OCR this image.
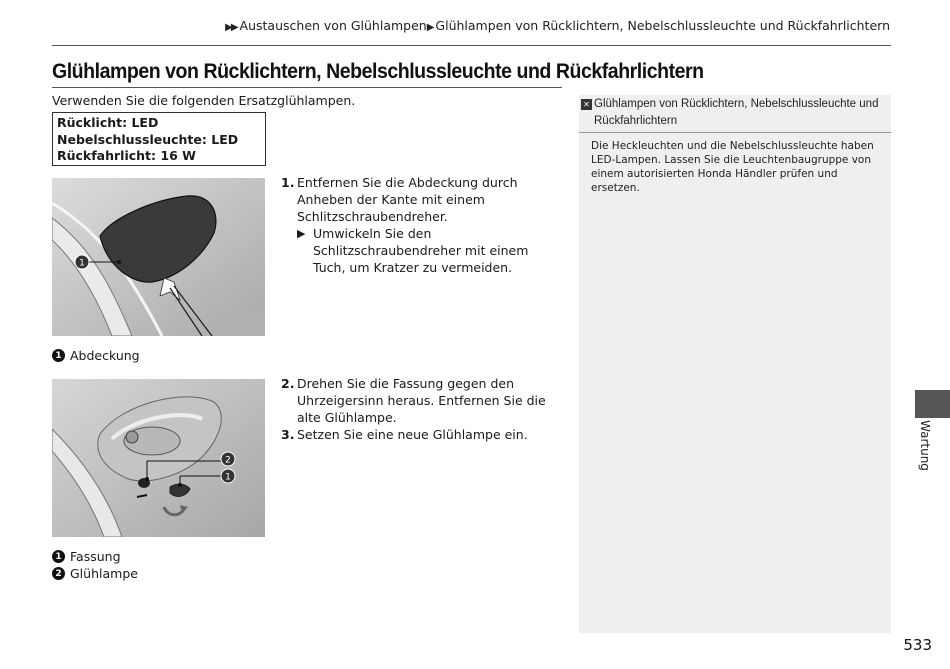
▶▶ Austauschen von Glühlampen▶ Glühlampen von Rücklichtern, Nebelschlussleuchte und Rückfahrlichtern
Glühlampen von Rücklichtern, Nebelschlussleuchte und Rückfahrlichtern
Verwenden Sie die folgenden Ersatzglühlampen.
Rücklicht: LED
Nebelschlussleuchte: LED
Rückfahrlicht: 16 W
1
1 Abdeckung
1. Entfernen Sie die Abdeckung durch Anheben der Kante mit einem Schlitzschraubendreher.
▶ Umwickeln Sie den Schlitzschraubendreher mit einem Tuch, um Kratzer zu vermeiden.
2
1
1 Fassung
2 Glühlampe
2. Drehen Sie die Fassung gegen den Uhrzeigersinn heraus. Entfernen Sie die alte Glühlampe.
3. Setzen Sie eine neue Glühlampe ein.
✕ Glühlampen von Rücklichtern, Nebelschlussleuchte und Rückfahrlichtern
Die Heckleuchten und die Nebelschlussleuchte haben LED-Lampen. Lassen Sie die Leuchtenbaugruppe von einem autorisierten Honda Händler prüfen und ersetzen.
Wartung
533
